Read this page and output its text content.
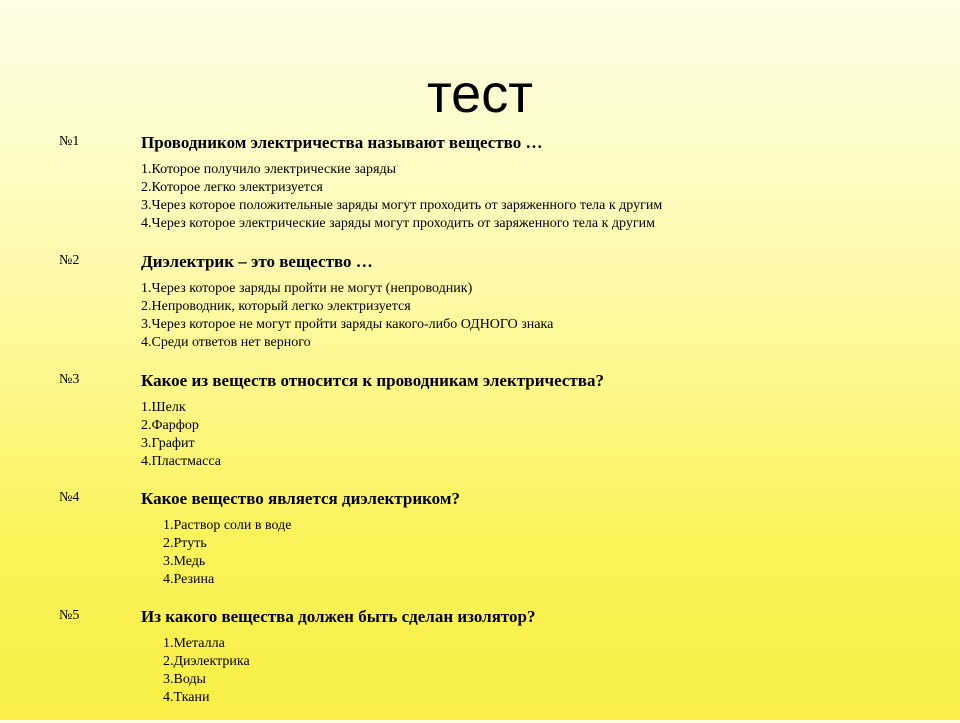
тест
№1	Проводником электричества называют вещество …
1.Которое получило электрические заряды
2.Которое легко электризуется
3.Через которое положительные заряды могут проходить от заряженного тела к другим
4.Через которое электрические заряды могут проходить от заряженного тела к другим
№2	Диэлектрик – это вещество …
1.Через которое заряды пройти не могут (непроводник)
2.Непроводник, который легко электризуется
3.Через которое не могут пройти заряды какого-либо ОДНОГО знака
4.Среди ответов нет верного
№3	Какое из веществ относится к проводникам электричества?
1.Шелк
2.Фарфор
3.Графит
4.Пластмасса
№4	Какое вещество является диэлектриком?
1.Раствор соли в воде
2.Ртуть
3.Медь
4.Резина
№5	Из какого вещества должен быть сделан изолятор?
1.Металла
2.Диэлектрика
3.Воды
4.Ткани
